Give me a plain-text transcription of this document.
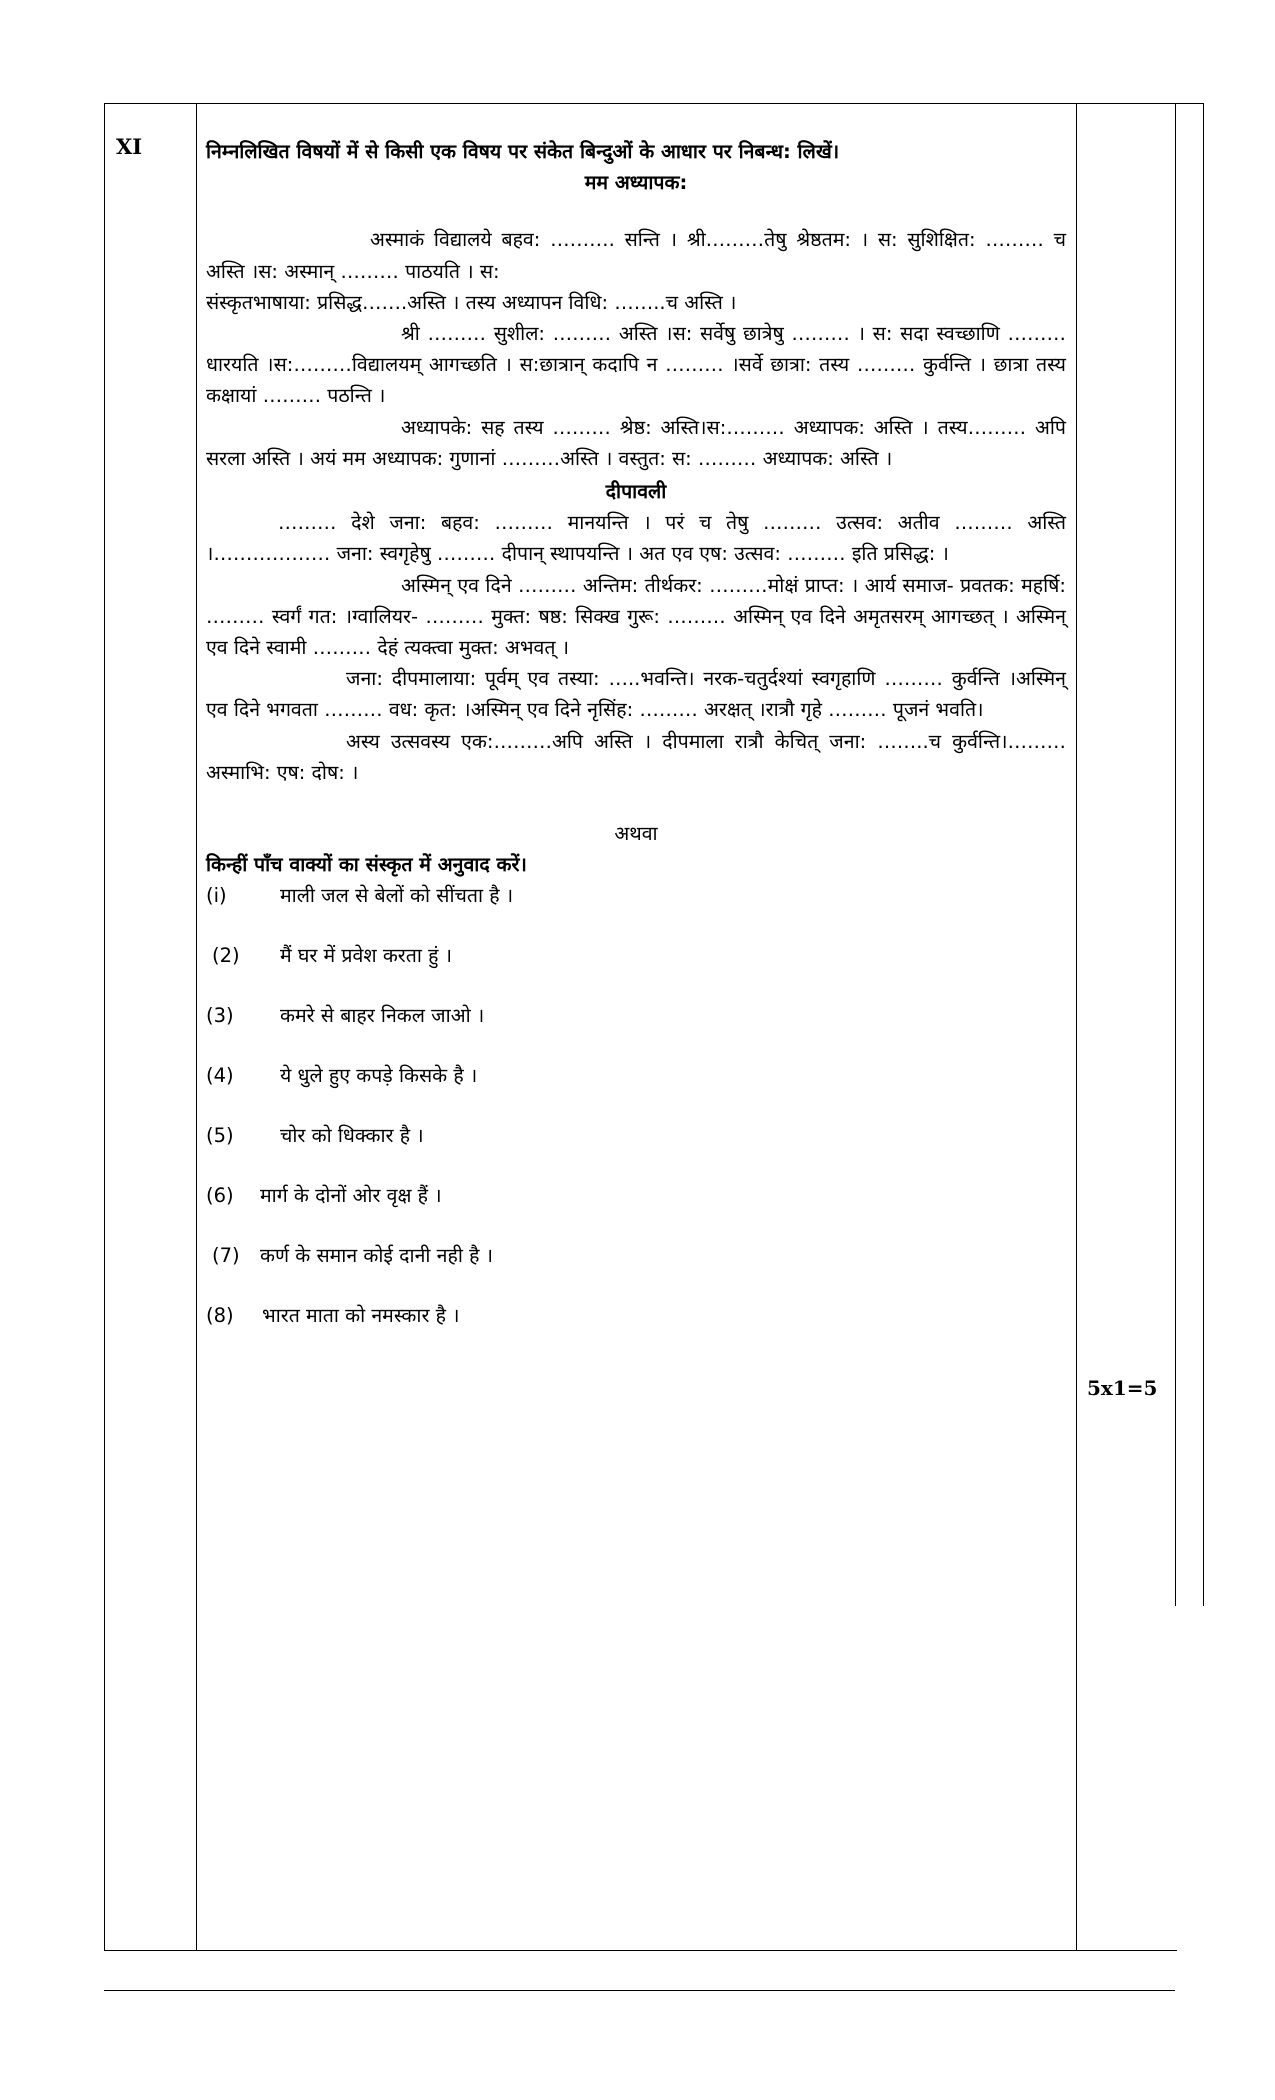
XI
5x1=5

निम्नलिखित विषयों में से किसी एक विषय पर संकेत बिन्दुओं के आधार पर निबन्ध: लिखें।

मम अध्यापक:

अस्माकं विद्यालये बहव: ………. सन्ति । श्री………तेषु श्रेष्ठतम: । स: सुशिक्षित: ……… च अस्ति ।स: अस्मान् ……… पाठयति । स:

संस्कृतभाषाया: प्रसिद्ध…….अस्ति । तस्य अध्यापन विधि: ……..च अस्ति ।

श्री ……… सुशील: ……… अस्ति ।स: सर्वेषु छात्रेषु ……… । स: सदा स्वच्छाणि ……… धारयति ।स:………विद्यालयम् आगच्छति । स:छात्रान् कदापि न ……… ।सर्वे छात्रा: तस्य ……… कुर्वन्ति । छात्रा तस्य कक्षायां ……… पठन्ति ।

अध्यापके: सह तस्य ……… श्रेष्ठ: अस्ति।स:……… अध्यापक: अस्ति । तस्य……… अपि सरला अस्ति । अयं मम अध्यापक: गुणानां ………अस्ति । वस्तुत: स: ……… अध्यापक: अस्ति ।

दीपावली

……… देशे जना: बहव: ……… मानयन्ति । परं च तेषु ……… उत्सव: अतीव ……… अस्ति ।……………… जना: स्वगृहेषु ……… दीपान् स्थापयन्ति । अत एव एष: उत्सव: ……… इति प्रसिद्ध: ।

अस्मिन् एव दिने ……… अन्तिम: तीर्थकर: ………मोक्षं प्राप्त: । आर्य समाज- प्रवतक: महर्षि: ……… स्वर्गं गत: ।ग्वालियर- ……… मुक्त: षष्ठ: सिक्ख गुरू: ……… अस्मिन् एव दिने अमृतसरम् आगच्छत् । अस्मिन् एव दिने स्वामी ……… देहं त्यक्त्वा मुक्त: अभवत् ।

जना: दीपमालाया: पूर्वम् एव तस्या: …..भवन्ति। नरक-चतुर्दश्यां स्वगृहाणि ……… कुर्वन्ति ।अस्मिन् एव दिने भगवता ……… वध: कृत: ।अस्मिन् एव दिने नृसिंह: ……… अरक्षत् ।रात्रौ गृहे ……… पूजनं भवति।

अस्य उत्सवस्य एक:………अपि अस्ति । दीपमाला रात्रौ केचित् जना: ……..च कुर्वन्ति।………अस्माभि: एष: दोष: ।

अथवा

किन्हीं पाँच वाक्यों का संस्कृत में अनुवाद करें।

(i)	माली जल से बेलों को सींचता है ।
(2)	मैं घर में प्रवेश करता हुं ।
(3)	कमरे से बाहर निकल जाओ ।
(4)	ये धुले हुए कपड़े किसके है ।
(5)	चोर को धिक्कार है ।
(6)	मार्ग के दोनों ओर वृक्ष हैं ।
(7)	कर्ण के समान कोई दानी नही है ।
(8)	भारत माता को नमस्कार है ।
